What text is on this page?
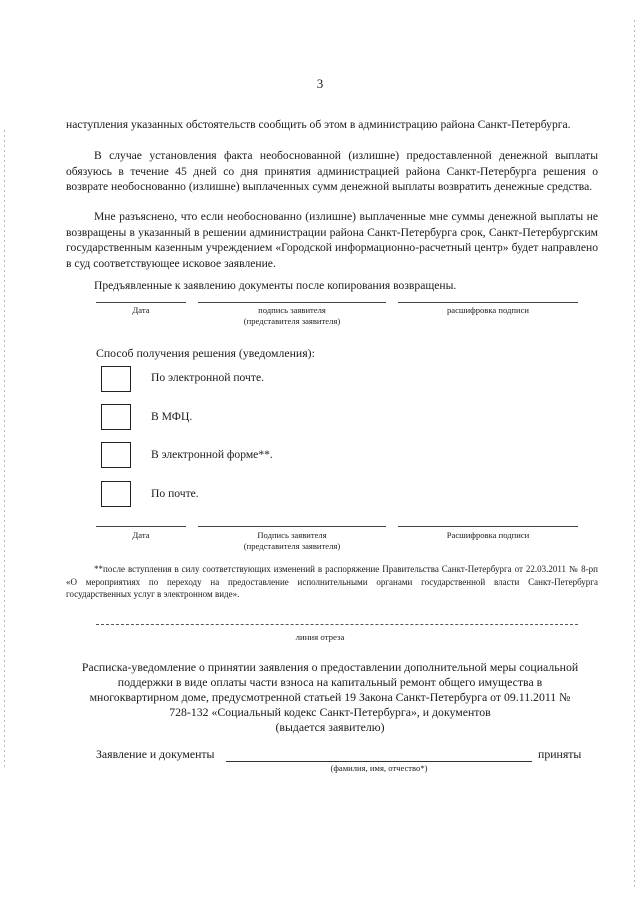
3
наступления указанных обстоятельств сообщить об этом в администрацию района Санкт-Петербурга.
В случае установления факта необоснованной (излишне) предоставленной денежной выплаты обязуюсь в течение 45 дней со дня принятия администрацией района Санкт-Петербурга решения о возврате необоснованно (излишне) выплаченных сумм денежной выплаты возвратить денежные средства.
Мне разъяснено, что если необоснованно (излишне) выплаченные мне суммы денежной выплаты не возвращены в указанный в решении администрации района Санкт-Петербурга срок, Санкт-Петербургским государственным казенным учреждением «Городской информационно-расчетный центр» будет направлено в суд соответствующее исковое заявление.
Предъявленные к заявлению документы после копирования возвращены.
Дата	подпись заявителя
(представителя заявителя)
расшифровка подписи
Способ получения решения (уведомления):
По электронной почте.
В МФЦ.
В электронной форме**.
По почте.
Дата	Подпись заявителя
(представителя заявителя)
Расшифровка подписи
**после вступления в силу соответствующих изменений в распоряжение Правительства Санкт-Петербурга от 22.03.2011 № 8-рп «О мероприятиях по переходу на предоставление исполнительными органами государственной власти Санкт-Петербурга государственных услуг в электронном виде».
линия отреза
Расписка-уведомление о принятии заявления о предоставлении дополнительной меры социальной поддержки в виде оплаты части взноса на капитальный ремонт общего имущества в многоквартирном доме, предусмотренной статьей 19 Закона Санкт-Петербурга от 09.11.2011 № 728-132 «Социальный кодекс Санкт-Петербурга», и документов
(выдается заявителю)
Заявление и документы	приняты
(фамилия, имя, отчество*)
